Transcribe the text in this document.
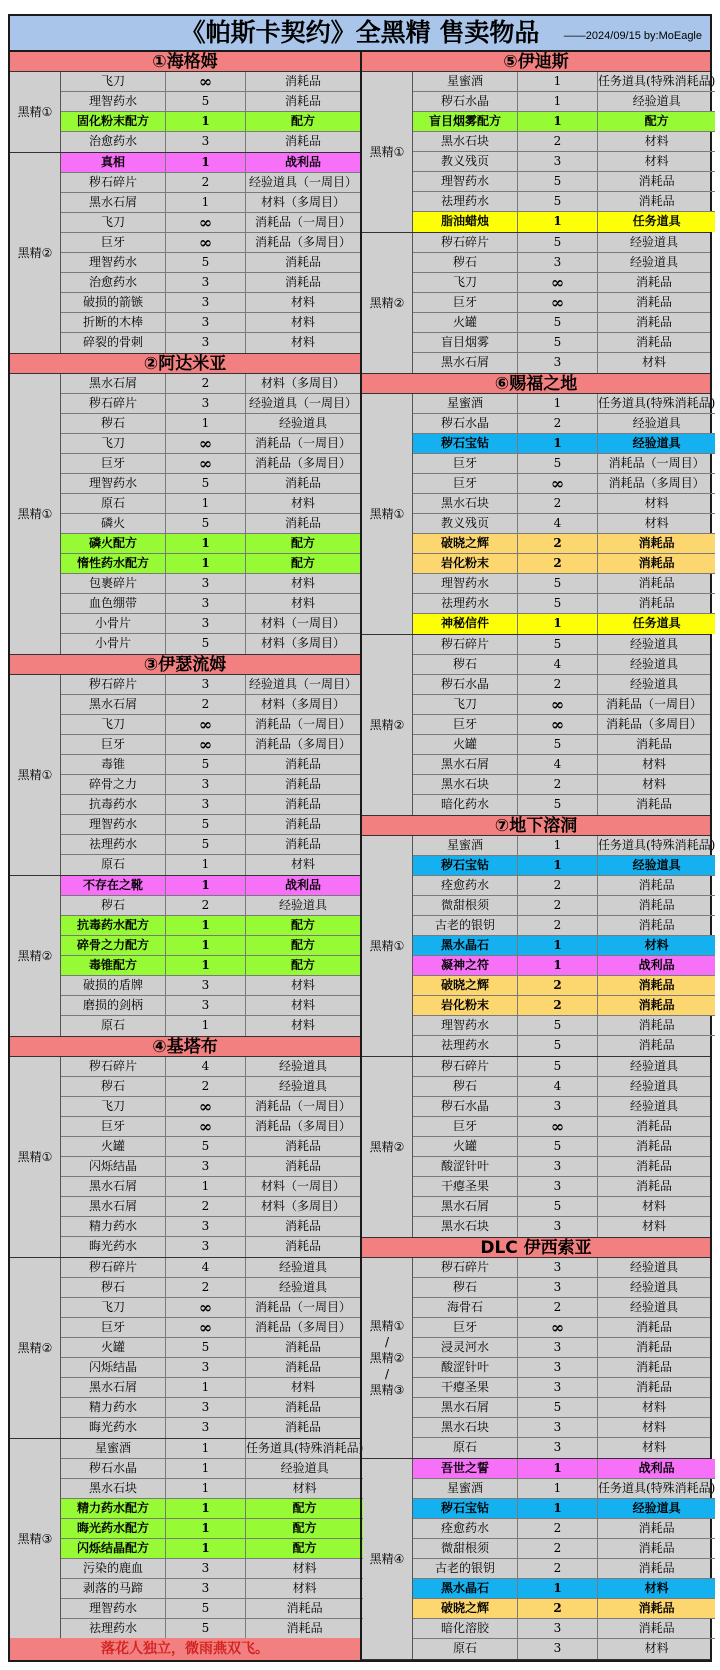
《帕斯卡契约》全黑精 售卖物品	——2024/09/15 by:MoEagle
①海格姆
黑精①
飞刀	∞	消耗品
理智药水	5	消耗品
固化粉末配方	1	配方
治愈药水	3	消耗品
黑精②
真相	1	战利品
秽石碎片	2	经验道具（一周目）
黑水石屑	1	材料（多周目）
飞刀	∞	消耗品（一周目）
巨牙	∞	消耗品（多周目）
理智药水	5	消耗品
治愈药水	3	消耗品
破损的箭镞	3	材料
折断的木棒	3	材料
碎裂的骨刺	3	材料
②阿达米亚
黑精①
黑水石屑	2	材料（多周目）
秽石碎片	3	经验道具（一周目）
秽石	1	经验道具
飞刀	∞	消耗品（一周目）
巨牙	∞	消耗品（多周目）
理智药水	5	消耗品
原石	1	材料
磷火	5	消耗品
磷火配方	1	配方
惰性药水配方	1	配方
包裹碎片	3	材料
血色绷带	3	材料
小骨片	3	材料（一周目）
小骨片	5	材料（多周目）
③伊瑟流姆
黑精①
秽石碎片	3	经验道具（一周目）
黑水石屑	2	材料（多周目）
飞刀	∞	消耗品（一周目）
巨牙	∞	消耗品（多周目）
毒锥	5	消耗品
碎骨之力	3	消耗品
抗毒药水	3	消耗品
理智药水	5	消耗品
祛理药水	5	消耗品
原石	1	材料
黑精②
不存在之靴	1	战利品
秽石	2	经验道具
抗毒药水配方	1	配方
碎骨之力配方	1	配方
毒锥配方	1	配方
破损的盾牌	3	材料
磨损的剑柄	3	材料
原石	1	材料
④基塔布
黑精①
秽石碎片	4	经验道具
秽石	2	经验道具
飞刀	∞	消耗品（一周目）
巨牙	∞	消耗品（多周目）
火罐	5	消耗品
闪烁结晶	3	消耗品
黑水石屑	1	材料（一周目）
黑水石屑	2	材料（多周目）
精力药水	3	消耗品
晦光药水	3	消耗品
黑精②
秽石碎片	4	经验道具
秽石	2	经验道具
飞刀	∞	消耗品（一周目）
巨牙	∞	消耗品（多周目）
火罐	5	消耗品
闪烁结晶	3	消耗品
黑水石屑	1	材料
精力药水	3	消耗品
晦光药水	3	消耗品
黑精③
星蜜酒	1	任务道具(特殊消耗品)
秽石水晶	1	经验道具
黑水石块	1	材料
精力药水配方	1	配方
晦光药水配方	1	配方
闪烁结晶配方	1	配方
污染的鹿血	3	材料
剥落的马蹄	3	材料
理智药水	5	消耗品
祛理药水	5	消耗品
⑤伊迪斯
黑精①
星蜜酒	1	任务道具(特殊消耗品)
秽石水晶	1	经验道具
盲目烟雾配方	1	配方
黑水石块	2	材料
教义残页	3	材料
理智药水	5	消耗品
祛理药水	5	消耗品
脂油蜡烛	1	任务道具
黑精②
秽石碎片	5	经验道具
秽石	3	经验道具
飞刀	∞	消耗品
巨牙	∞	消耗品
火罐	5	消耗品
盲目烟雾	5	消耗品
黑水石屑	3	材料
⑥赐福之地
黑精①
星蜜酒	1	任务道具(特殊消耗品)
秽石水晶	2	经验道具
秽石宝钻	1	经验道具
巨牙	5	消耗品（一周目）
巨牙	∞	消耗品（多周目）
黑水石块	2	材料
教义残页	4	材料
破晓之辉	2	消耗品
岩化粉末	2	消耗品
理智药水	5	消耗品
祛理药水	5	消耗品
神秘信件	1	任务道具
黑精②
秽石碎片	5	经验道具
秽石	4	经验道具
秽石水晶	2	经验道具
飞刀	∞	消耗品（一周目）
巨牙	∞	消耗品（多周目）
火罐	5	消耗品
黑水石屑	4	材料
黑水石块	2	材料
暗化药水	5	消耗品
⑦地下溶洞
黑精①
星蜜酒	1	任务道具(特殊消耗品)
秽石宝钻	1	经验道具
痊愈药水	2	消耗品
微甜根须	2	消耗品
古老的银钥	2	消耗品
黑水晶石	1	材料
凝神之符	1	战利品
破晓之辉	2	消耗品
岩化粉末	2	消耗品
理智药水	5	消耗品
祛理药水	5	消耗品
黑精②
秽石碎片	5	经验道具
秽石	4	经验道具
秽石水晶	3	经验道具
巨牙	∞	消耗品
火罐	5	消耗品
酸涩针叶	3	消耗品
干瘪圣果	3	消耗品
黑水石屑	5	材料
黑水石块	3	材料
DLC 伊西索亚
黑精①
/
黑精②
/
黑精③
秽石碎片	3	经验道具
秽石	3	经验道具
海骨石	2	经验道具
巨牙	∞	消耗品
浸灵河水	3	消耗品
酸涩针叶	3	消耗品
干瘪圣果	3	消耗品
黑水石屑	5	材料
黑水石块	3	材料
原石	3	材料
黑精④
吾世之誓	1	战利品
星蜜酒	1	任务道具(特殊消耗品)
秽石宝钻	1	经验道具
痊愈药水	2	消耗品
微甜根须	2	消耗品
古老的银钥	2	消耗品
黑水晶石	1	材料
破晓之辉	2	消耗品
暗化溶胶	3	消耗品
原石	3	材料
落花人独立，微雨燕双飞。
